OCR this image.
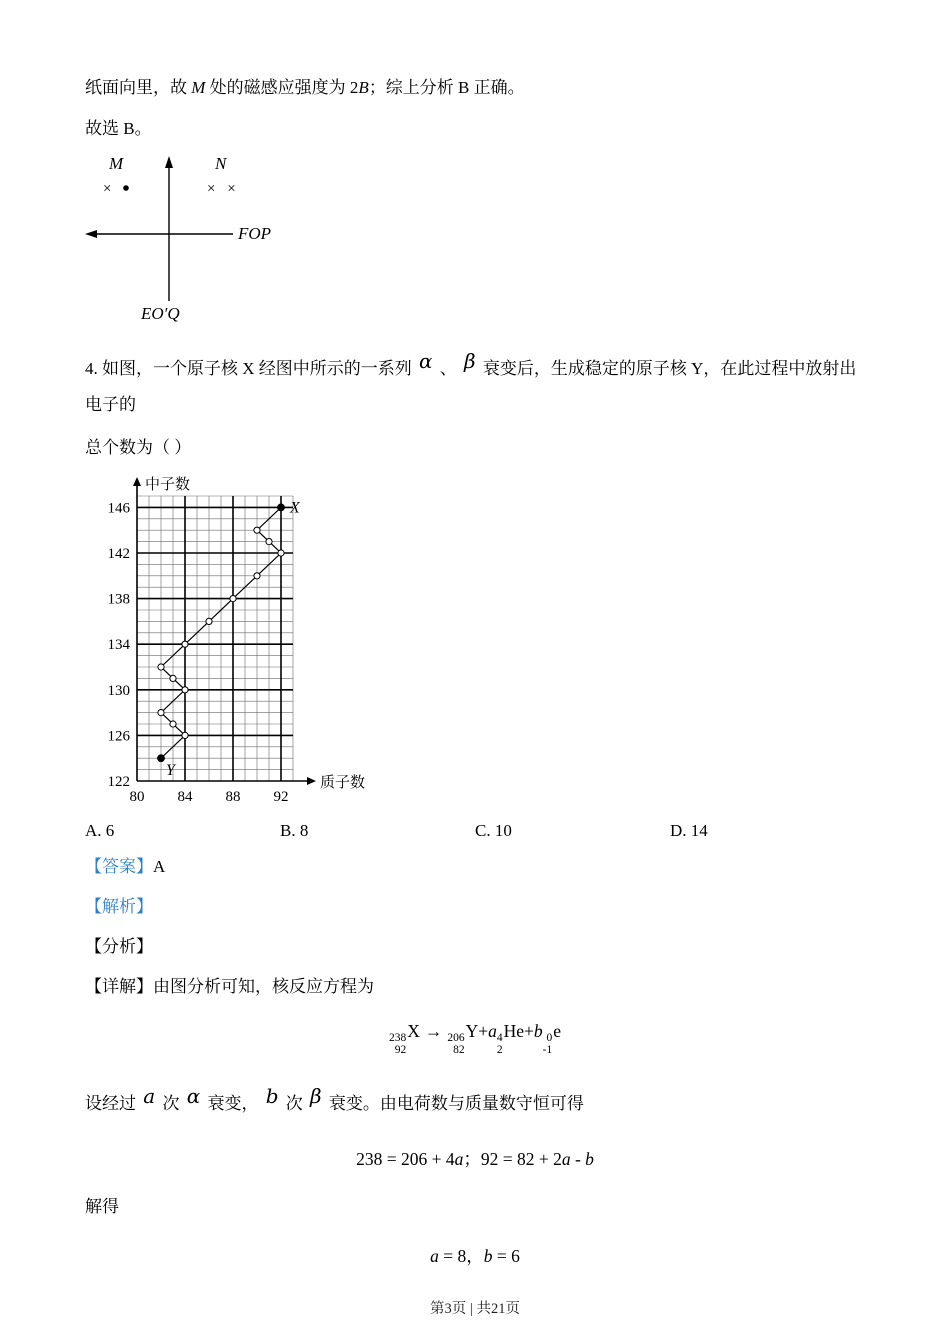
纸面向里，故 M 处的磁感应强度为 2B；综上分析 B 正确。

故选 B。

M	N
×	× ×
FOP
EO′Q

4. 如图，一个原子核 X 经图中所示的一系列 α 、 β 衰变后，生成稳定的原子核 Y，在此过程中放射出电子的

总个数为（ ）

122
126
130
134
138
142
146
80 84 88 92
中子数
质子数
X
Y
A. 6	B. 8	C. 10	D. 14

【答案】A

【解析】

【分析】

【详解】由图分析可知，核反应方程为

238
92
X → 206
82
Y+a 4
2
He+b 0
-1
e

设经过 a 次 α 衰变， b 次 β 衰变。由电荷数与质量数守恒可得

238 = 206 + 4a；92 = 82 + 2a - b

解得

a = 8，b = 6
第3页 | 共21页
